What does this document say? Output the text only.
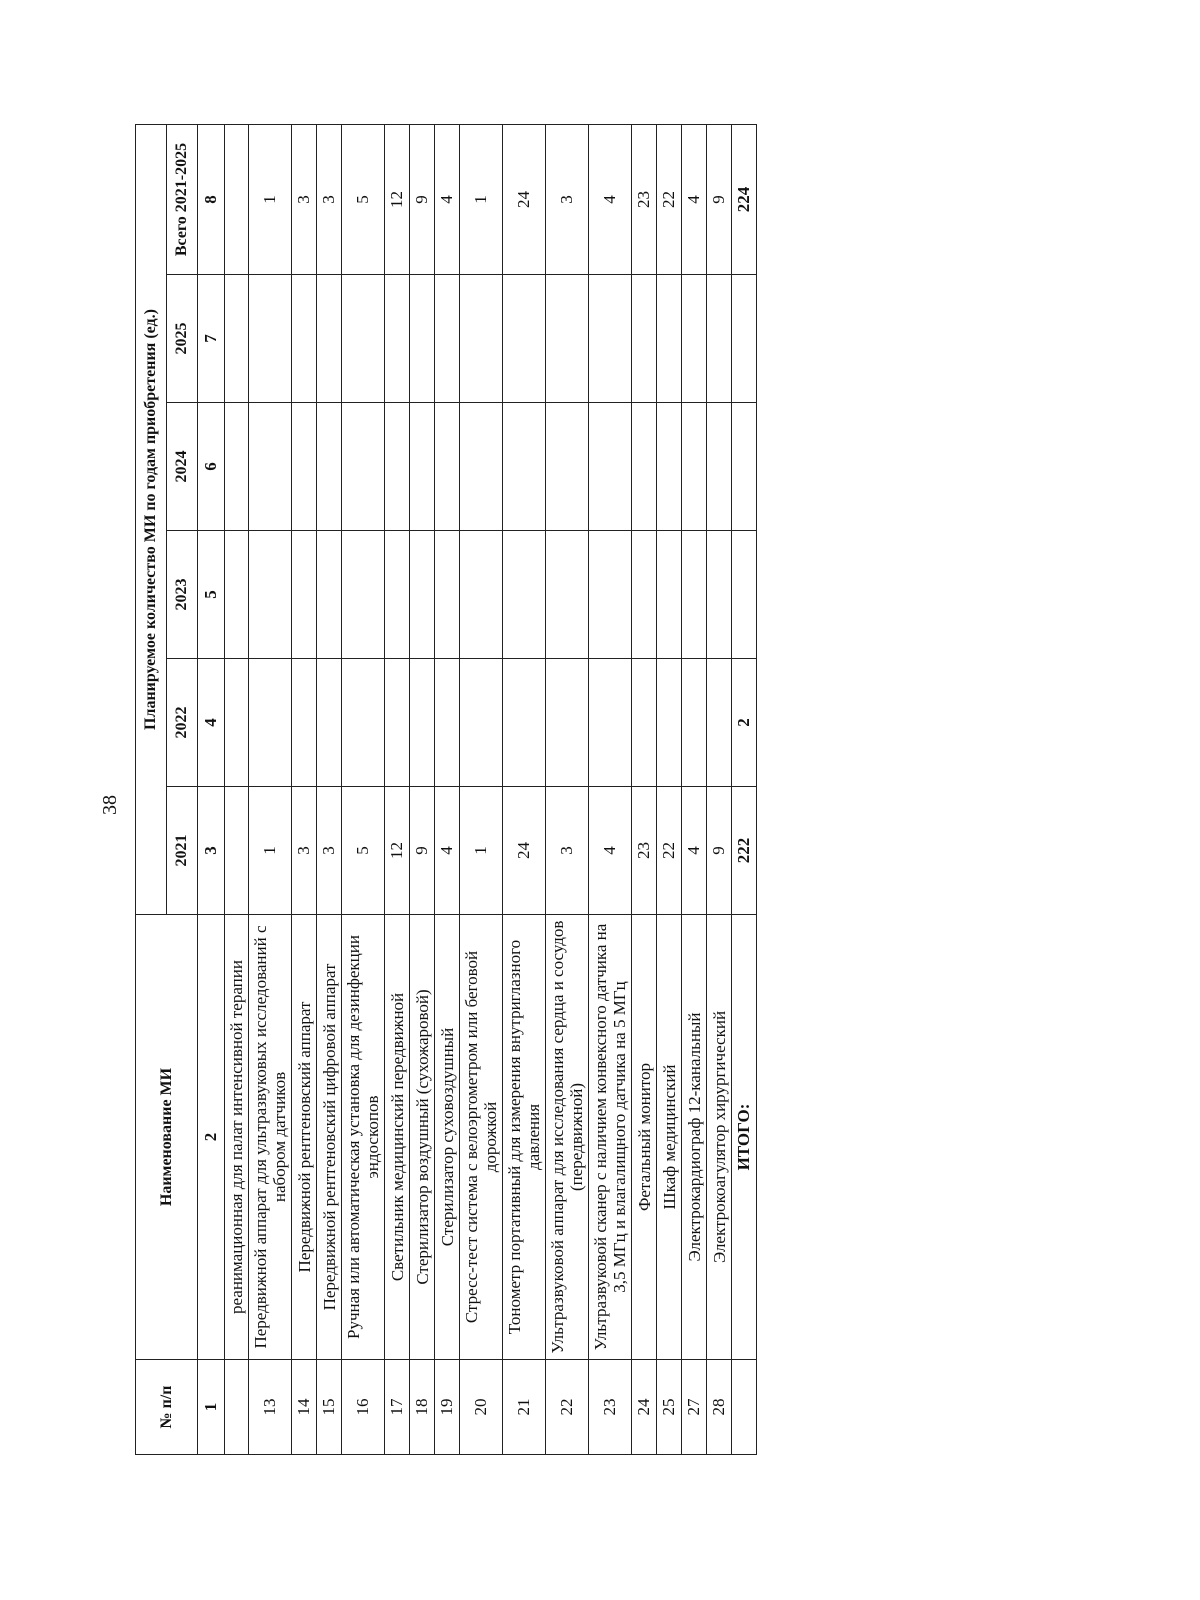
38
№ п/п	Наименование МИ	Планируемое количество МИ по годам приобретения (ед.)					
		2021	2022	2023	2024	2025	Всего 2021-2025
1	2	3	4	5	6	7	8
	реанимационная для палат интенсивной терапии						
13	Передвижной аппарат для ультразвуковых исследований с набором датчиков	1					1
14	Передвижной рентгеновский аппарат	3					3
15	Передвижной рентгеновский цифровой аппарат	3					3
16	Ручная или автоматическая установка для дезинфекции эндоскопов	5					5
17	Светильник медицинский передвижной	12					12
18	Стерилизатор воздушный (сухожаровой)	9					9
19	Стерилизатор суховоздушный	4					4
20	Стресс-тест система с велоэргометром или беговой дорожкой	1					1
21	Тонометр портативный для измерения внутриглазного давления	24					24
22	Ультразвуковой аппарат для исследования сердца и сосудов (передвижной)	3					3
23	Ультразвуковой сканер с наличием конвексного датчика на 3,5 МГц и влагалищного датчика на 5 МГц	4					4
24	Фетальный монитор	23					23
25	Шкаф медицинский	22					22
27	Электрокардиограф 12-канальный	4					4
28	Электрокоагулятор хирургический	9					9
	ИТОГО:	222	2				224
